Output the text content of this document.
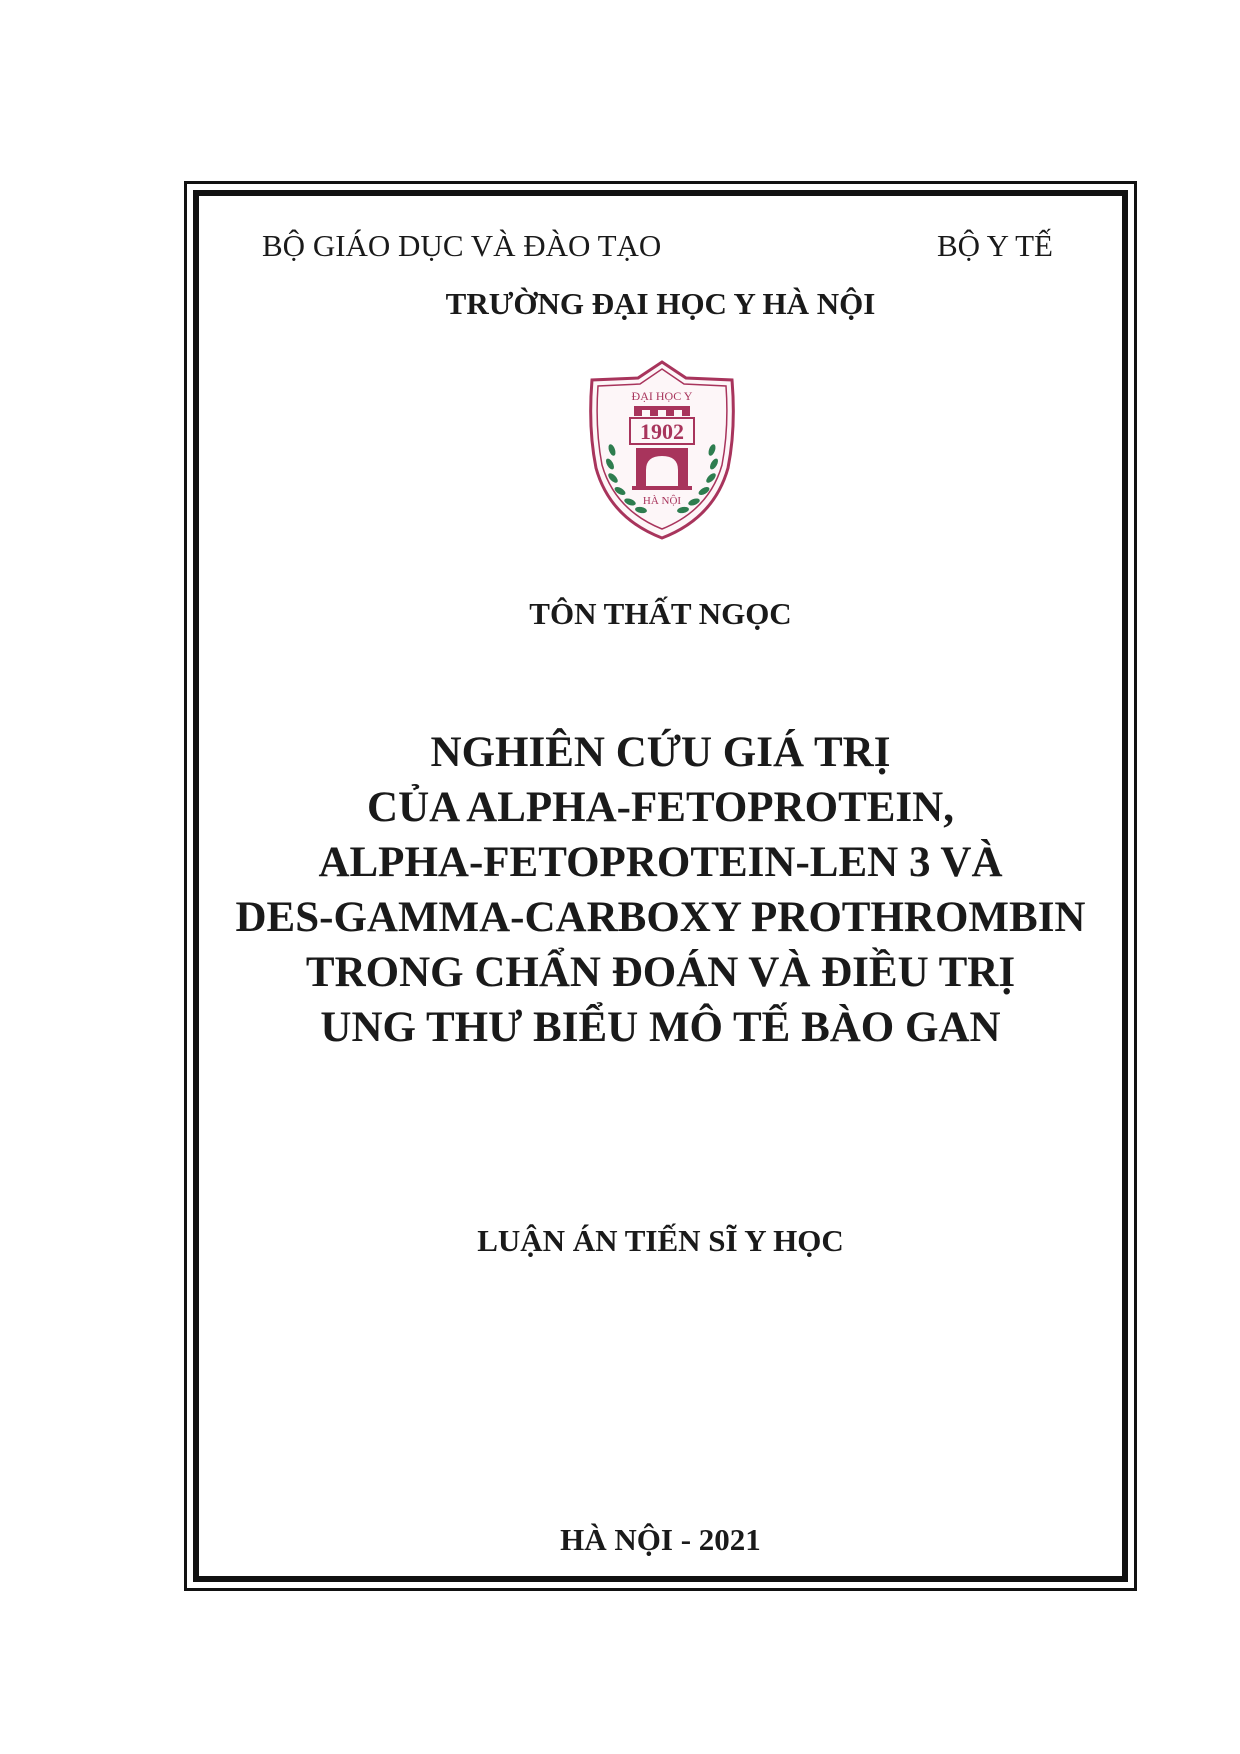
BỘ GIÁO DỤC VÀ ĐÀO TẠO	BỘ Y TẾ
TRƯỜNG ĐẠI HỌC Y HÀ NỘI
ĐẠI HỌC Y
1902
HÀ NỘI
TÔN THẤT NGỌC
NGHIÊN CỨU GIÁ TRỊ
CỦA ALPHA-FETOPROTEIN,
ALPHA-FETOPROTEIN-LEN 3 VÀ
DES-GAMMA-CARBOXY PROTHROMBIN
TRONG CHẨN ĐOÁN VÀ ĐIỀU TRỊ
UNG THƯ BIỂU MÔ TẾ BÀO GAN
LUẬN ÁN TIẾN SĨ Y HỌC
HÀ NỘI - 2021
